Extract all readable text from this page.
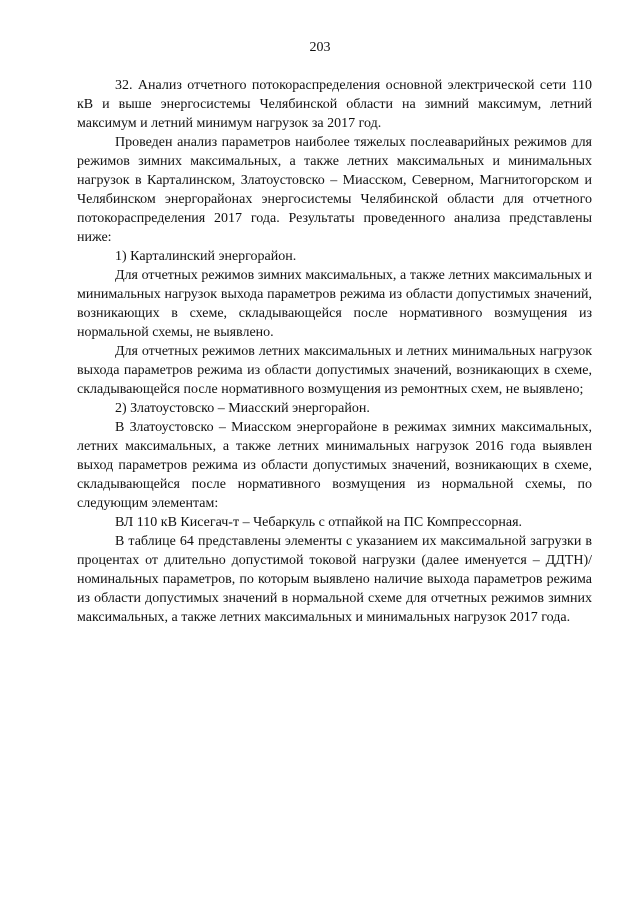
203

32. Анализ отчетного потокораспределения основной электрической сети 110 кВ и выше энергосистемы Челябинской области на зимний максимум, летний максимум и летний минимум нагрузок за 2017 год.

Проведен анализ параметров наиболее тяжелых послеаварийных режимов для режимов зимних максимальных, а также летних максимальных и минимальных нагрузок в Карталинском, Златоустовско – Миасском, Северном, Магнитогорском и Челябинском энергорайонах энергосистемы Челябинской области для отчетного потокораспределения 2017 года. Результаты проведенного анализа представлены ниже:

1) Карталинский энергорайон.

Для отчетных режимов зимних максимальных, а также летних максимальных и минимальных нагрузок выхода параметров режима из области допустимых значений, возникающих в схеме, складывающейся после нормативного возмущения из нормальной схемы, не выявлено.

Для отчетных режимов летних максимальных и летних минимальных нагрузок выхода параметров режима из области допустимых значений, возникающих в схеме, складывающейся после нормативного возмущения из ремонтных схем, не выявлено;

2) Златоустовско – Миасский энергорайон.

В Златоустовско – Миасском энергорайоне в режимах зимних максимальных, летних максимальных, а также летних минимальных нагрузок 2016 года выявлен выход параметров режима из области допустимых значений, возникающих в схеме, складывающейся после нормативного возмущения из нормальной схемы, по следующим элементам:

ВЛ 110 кВ Кисегач-т – Чебаркуль с отпайкой на ПС Компрессорная.

В таблице 64 представлены элементы с указанием их максимальной загрузки в процентах от длительно допустимой токовой нагрузки (далее именуется – ДДТН)/номинальных параметров, по которым выявлено наличие выхода параметров режима из области допустимых значений в нормальной схеме для отчетных режимов зимних максимальных, а также летних максимальных и минимальных нагрузок 2017 года.
